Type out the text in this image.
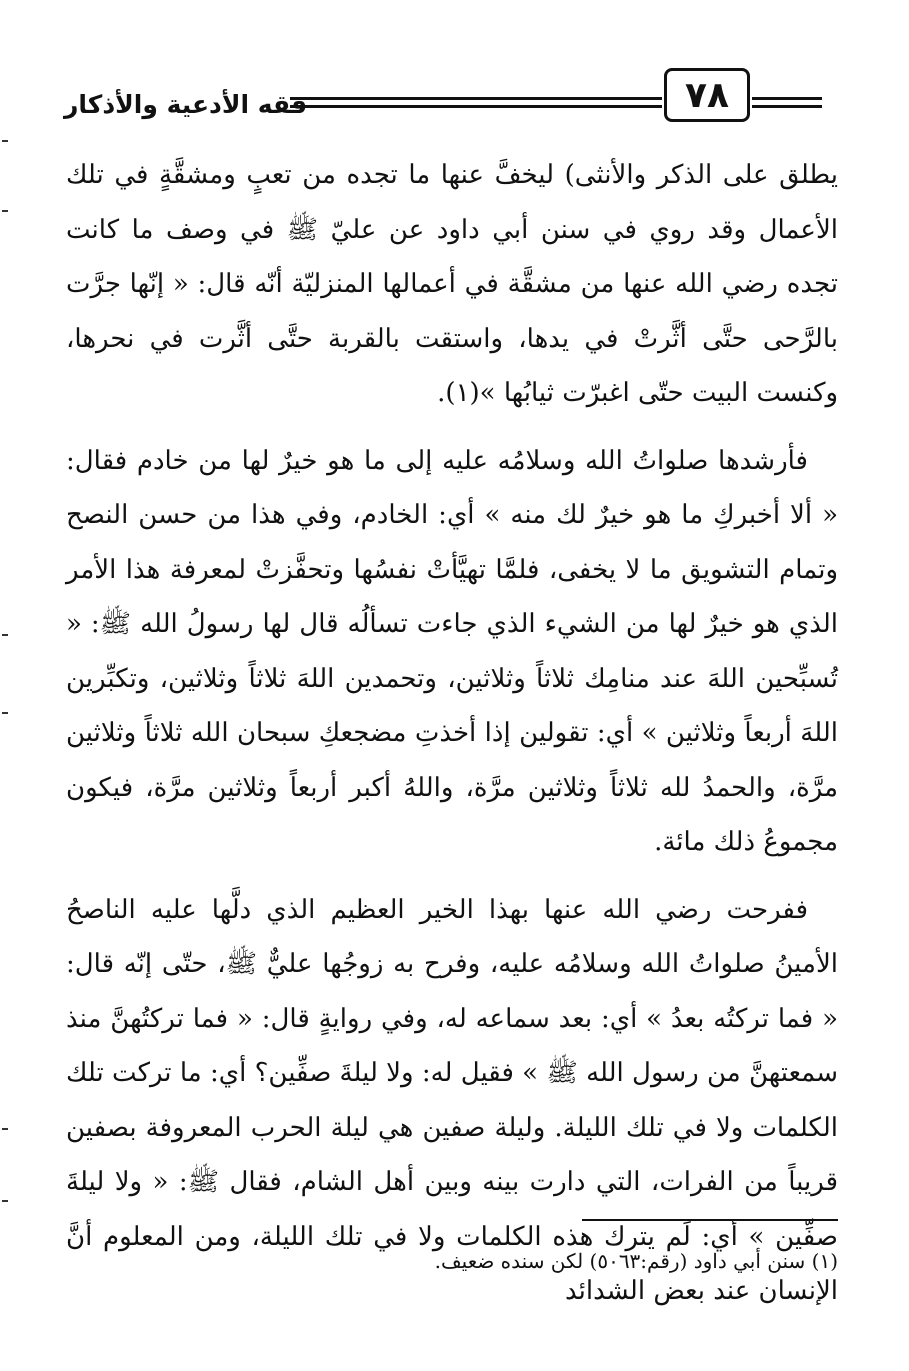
فقه الأدعية والأذكار	٧٨

يطلق على الذكر والأنثى) ليخفَّ عنها ما تجده من تعبٍ ومشقَّةٍ في تلك الأعمال وقد روي في سنن أبي داود عن عليّ ﷺ في وصف ما كانت تجده رضي الله عنها من مشقَّة في أعمالها المنزليّة أنّه قال: « إنّها جرَّت بالرَّحى حتَّى أثَّرتْ في يدها، واستقت بالقربة حتَّى أثَّرت في نحرها، وكنست البيت حتّى اغبرّت ثيابُها »(١).

فأرشدها صلواتُ الله وسلامُه عليه إلى ما هو خيرٌ لها من خادم فقال: « ألا أخبركِ ما هو خيرٌ لك منه » أي: الخادم، وفي هذا من حسن النصح وتمام التشويق ما لا يخفى، فلمَّا تهيَّأتْ نفسُها وتحفَّزتْ لمعرفة هذا الأمر الذي هو خيرٌ لها من الشيء الذي جاءت تسألُه قال لها رسولُ الله ﷺ: « تُسبِّحين اللهَ عند منامِك ثلاثاً وثلاثين، وتحمدين اللهَ ثلاثاً وثلاثين، وتكبِّرين اللهَ أربعاً وثلاثين » أي: تقولين إذا أخذتِ مضجعكِ سبحان الله ثلاثاً وثلاثين مرَّة، والحمدُ لله ثلاثاً وثلاثين مرَّة، واللهُ أكبر أربعاً وثلاثين مرَّة، فيكون مجموعُ ذلك مائة.

ففرحت رضي الله عنها بهذا الخير العظيم الذي دلَّها عليه الناصحُ الأمينُ صلواتُ الله وسلامُه عليه، وفرح به زوجُها عليٌّ ﷺ، حتّى إنّه قال: « فما تركتُه بعدُ » أي: بعد سماعه له، وفي روايةٍ قال: « فما تركتُهنَّ منذ سمعتهنَّ من رسول الله ﷺ » فقيل له: ولا ليلةَ صفِّين؟ أي: ما تركت تلك الكلمات ولا في تلك الليلة. وليلة صفين هي ليلة الحرب المعروفة بصفين قريباً من الفرات، التي دارت بينه وبين أهل الشام، فقال ﷺ: « ولا ليلةَ صفِّين » أي: لَم يترك هذه الكلمات ولا في تلك الليلة، ومن المعلوم أنَّ الإنسان عند بعض الشدائد

(١) سنن أبي داود (رقم:٥٠٦٣) لكن سنده ضعيف.
